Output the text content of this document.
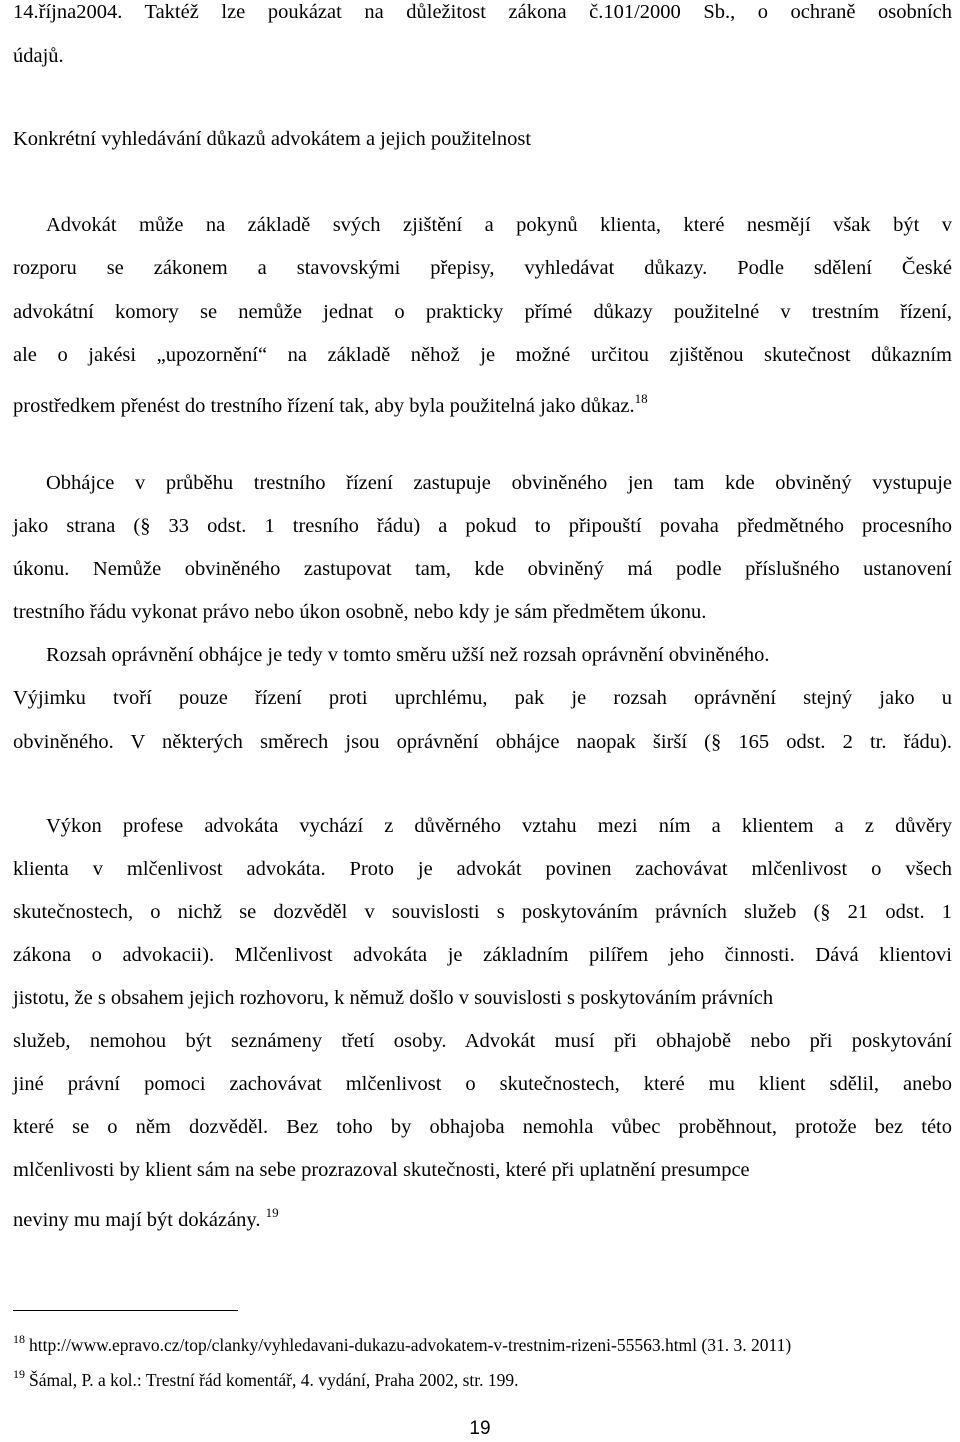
14.října2004. Taktéž lze poukázat na důležitost zákona č.101/2000 Sb., o ochraně osobních
údajů.
Konkrétní vyhledávání důkazů advokátem a jejich použitelnost
Advokát může na základě svých zjištění a pokynů klienta, které nesmějí však být v
rozporu se zákonem a stavovskými přepisy, vyhledávat důkazy. Podle sdělení České
advokátní komory se nemůže jednat o prakticky přímé důkazy použitelné v trestním řízení,
ale o jakési „upozornění“ na základě něhož je možné určitou zjištěnou skutečnost důkazním
prostředkem přenést do trestního řízení tak, aby byla použitelná jako důkaz.$^{18}$
Obhájce v průběhu trestního řízení zastupuje obviněného jen tam kde obviněný vystupuje
jako strana (§ 33 odst. 1 tresního řádu) a pokud to připouští povaha předmětného procesního
úkonu. Nemůže obviněného zastupovat tam, kde obviněný má podle příslušného ustanovení
trestního řádu vykonat právo nebo úkon osobně, nebo kdy je sám předmětem úkonu.
Rozsah oprávnění obhájce je tedy v tomto směru užší než rozsah oprávnění obviněného.
Výjimku tvoří pouze řízení proti uprchlému, pak je rozsah oprávnění stejný jako u
obviněného. V některých směrech jsou oprávnění obhájce naopak širší (§ 165 odst. 2 tr. řádu).
Výkon profese advokáta vychází z důvěrného vztahu mezi ním a klientem a z důvěry
klienta v mlčenlivost advokáta. Proto je advokát povinen zachovávat mlčenlivost o všech
skutečnostech, o nichž se dozvěděl v souvislosti s poskytováním právních služeb (§ 21 odst. 1
zákona o advokacii). Mlčenlivost advokáta je základním pilířem jeho činnosti. Dává klientovi
jistotu, že s obsahem jejich rozhovoru, k němuž došlo v souvislosti s poskytováním právních
služeb, nemohou být seznámeny třetí osoby. Advokát musí při obhajobě nebo při poskytování
jiné právní pomoci zachovávat mlčenlivost o skutečnostech, které mu klient sdělil, anebo
které se o něm dozvěděl. Bez toho by obhajoba nemohla vůbec proběhnout, protože bez této
mlčenlivosti by klient sám na sebe prozrazoval skutečnosti, které při uplatnění presumpce
neviny mu mají být dokázány. $^{19}$
$^{18}$ http://www.epravo.cz/top/clanky/vyhledavani-dukazu-advokatem-v-trestnim-rizeni-55563.html (31. 3. 2011)
$^{19}$ Šámal, P. a kol.: Trestní řád komentář, 4. vydání, Praha 2002, str. 199.
19
